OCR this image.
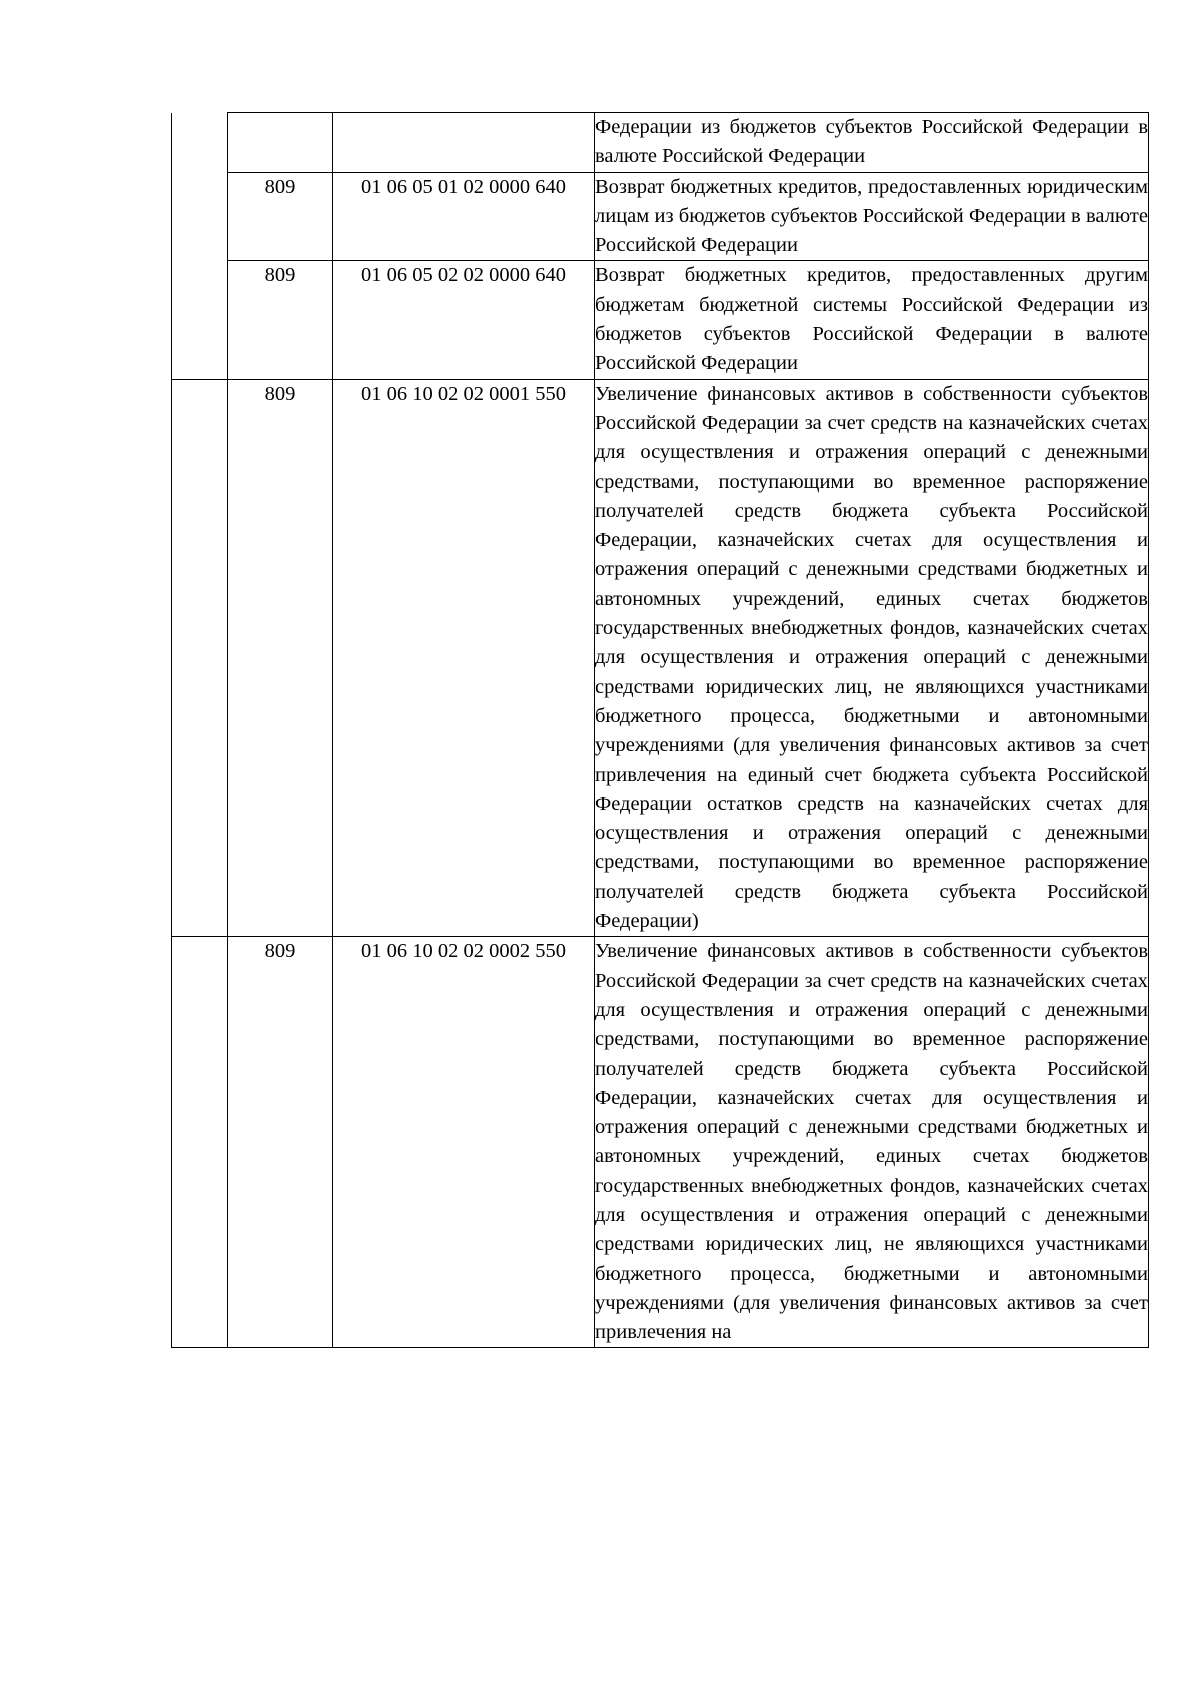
			Федерации из бюджетов субъектов Российской Федерации в валюте Российской Федерации
	809	01 06 05 01 02 0000 640	Возврат бюджетных кредитов, предоставленных юридическим лицам из бюджетов субъектов Российской Федерации в валюте Российской Федерации
	809	01 06 05 02 02 0000 640	Возврат бюджетных кредитов, предоставленных другим бюджетам бюджетной системы Российской Федерации из бюджетов субъектов Российской Федерации в валюте Российской Федерации
	809	01 06 10 02 02 0001 550	Увеличение финансовых активов в собственности субъектов Российской Федерации за счет средств на казначейских счетах для осуществления и отражения операций с денежными средствами, поступающими во временное распоряжение получателей средств бюджета субъекта Российской Федерации, казначейских счетах для осуществления и отражения операций с денежными средствами бюджетных и автономных учреждений, единых счетах бюджетов государственных внебюджетных фондов, казначейских счетах для осуществления и отражения операций с денежными средствами юридических лиц, не являющихся участниками бюджетного процесса, бюджетными и автономными учреждениями (для увеличения финансовых активов за счет привлечения на единый счет бюджета субъекта Российской Федерации остатков средств на казначейских счетах для осуществления и отражения операций с денежными средствами, поступающими во временное распоряжение получателей средств бюджета субъекта Российской Федерации)
	809	01 06 10 02 02 0002 550	Увеличение финансовых активов в собственности субъектов Российской Федерации за счет средств на казначейских счетах для осуществления и отражения операций с денежными средствами, поступающими во временное распоряжение получателей средств бюджета субъекта Российской Федерации, казначейских счетах для осуществления и отражения операций с денежными средствами бюджетных и автономных учреждений, единых счетах бюджетов государственных внебюджетных фондов, казначейских счетах для осуществления и отражения операций с денежными средствами юридических лиц, не являющихся участниками бюджетного процесса, бюджетными и автономными учреждениями (для увеличения финансовых активов за счет привлечения на
